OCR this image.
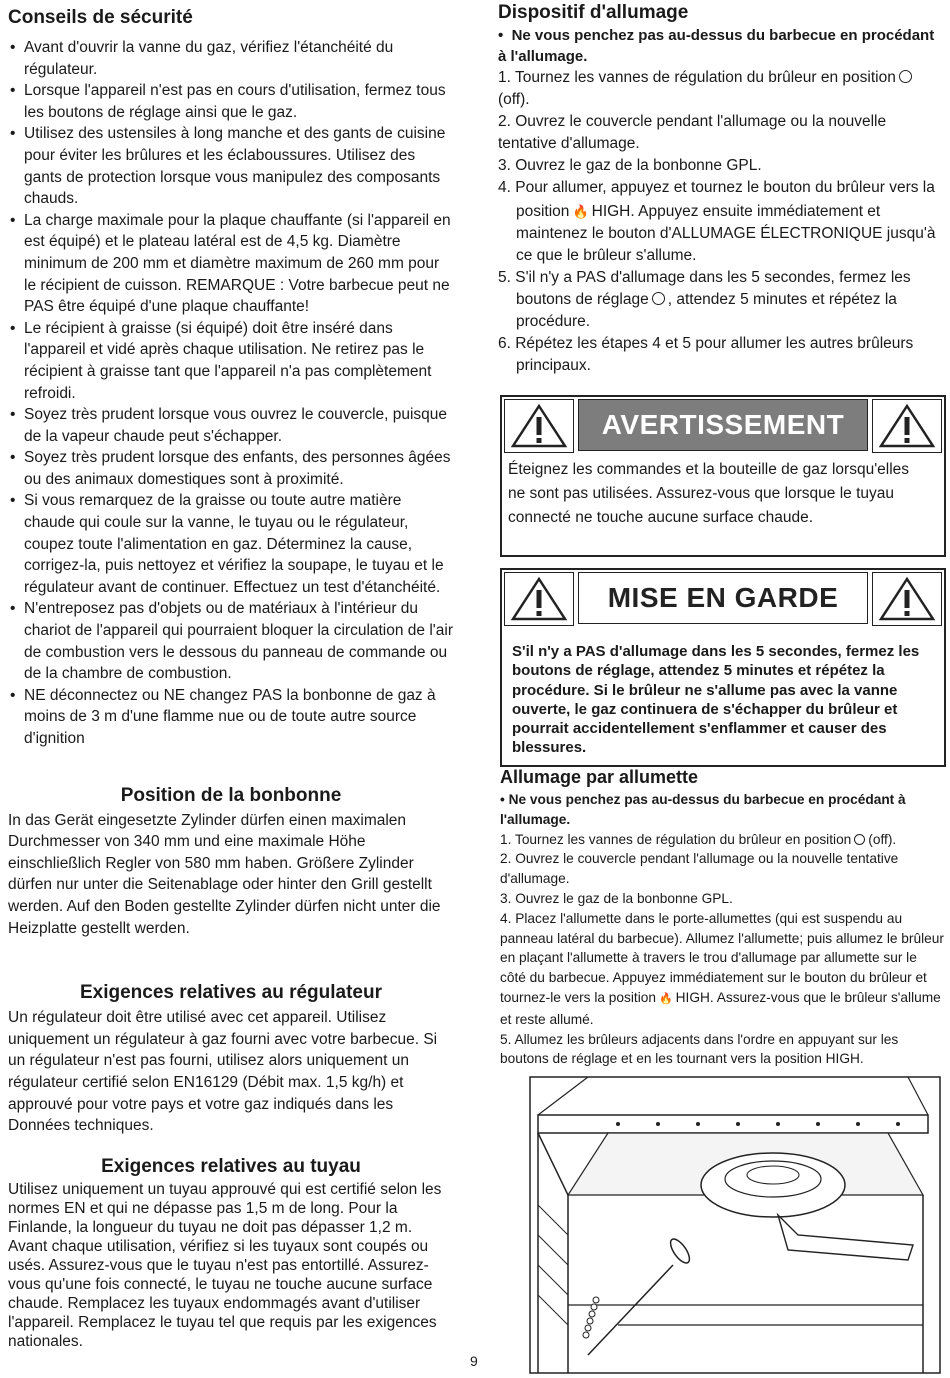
Conseils de sécurité
• Avant d'ouvrir la vanne du gaz, vérifiez l'étanchéité du régulateur.
• Lorsque l'appareil n'est pas en cours d'utilisation, fermez tous les boutons de réglage ainsi que le gaz.
• Utilisez des ustensiles à long manche et des gants de cuisine pour éviter les brûlures et les éclaboussures. Utilisez des gants de protection lorsque vous manipulez des composants chauds.
• La charge maximale pour la plaque chauffante (si l'appareil en est équipé) et le plateau latéral est de 4,5 kg. Diamètre minimum de 200 mm et diamètre maximum de 260 mm pour le récipient de cuisson. REMARQUE : Votre barbecue peut ne PAS être équipé d'une plaque chauffante!
• Le récipient à graisse (si équipé) doit être inséré dans l'appareil et vidé après chaque utilisation. Ne retirez pas le récipient à graisse tant que l'appareil n'a pas complètement refroidi.
• Soyez très prudent lorsque vous ouvrez le couvercle, puisque de la vapeur chaude peut s'échapper.
• Soyez très prudent lorsque des enfants, des personnes âgées ou des animaux domestiques sont à proximité.
• Si vous remarquez de la graisse ou toute autre matière chaude qui coule sur la vanne, le tuyau ou le régulateur, coupez toute l'alimentation en gaz. Déterminez la cause, corrigez-la, puis nettoyez et vérifiez la soupape, le tuyau et le régulateur avant de continuer. Effectuez un test d'étanchéité.
• N'entreposez pas d'objets ou de matériaux à l'intérieur du chariot de l'appareil qui pourraient bloquer la circulation de l'air de combustion vers le dessous du panneau de commande ou de la chambre de combustion.
• NE déconnectez ou NE changez PAS la bonbonne de gaz à moins de 3 m d'une flamme nue ou de toute autre source d'ignition
Position de la bonbonne

In das Gerät eingesetzte Zylinder dürfen einen maximalen Durchmesser von 340 mm und eine maximale Höhe einschließlich Regler von 580 mm haben. Größere Zylinder dürfen nur unter die Seitenablage oder hinter den Grill gestellt werden. Auf den Boden gestellte Zylinder dürfen nicht unter die Heizplatte gestellt werden.

Exigences relatives au régulateur

Un régulateur doit être utilisé avec cet appareil. Utilisez uniquement un régulateur à gaz fourni avec votre barbecue. Si un régulateur n'est pas fourni, utilisez alors uniquement un régulateur certifié selon EN16129 (Débit max. 1,5 kg/h) et approuvé pour votre pays et votre gaz indiqués dans les Données techniques.

Exigences relatives au tuyau

Utilisez uniquement un tuyau approuvé qui est certifié selon les normes EN et qui ne dépasse pas 1,5 m de long. Pour la Finlande, la longueur du tuyau ne doit pas dépasser 1,2 m. Avant chaque utilisation, vérifiez si les tuyaux sont coupés ou usés. Assurez-vous que le tuyau n'est pas entortillé. Assurez-vous qu'une fois connecté, le tuyau ne touche aucune surface chaude. Remplacez les tuyaux endommagés avant d'utiliser l'appareil. Remplacez le tuyau tel que requis par les exigences nationales.

Dispositif d'allumage

•  Ne vous penchez pas au-dessus du barbecue en procédant à l'allumage.

1. Tournez les vannes de régulation du brûleur en position(off).

2. Ouvrez le couvercle pendant l'allumage ou la nouvelle tentative d'allumage.

3. Ouvrez le gaz de la bonbonne GPL.

4. Pour allumer, appuyez et tournez le bouton du brûleur vers la

position 🔥 HIGH. Appuyez ensuite immédiatement et maintenez le bouton d'ALLUMAGE ÉLECTRONIQUE jusqu'à ce que le brûleur s'allume.

5. S'il n'y a PAS d'allumage dans les 5 secondes, fermez les boutons de réglage , attendez 5 minutes et répétez la procédure.

6. Répétez les étapes 4 et 5 pour allumer les autres brûleurs principaux.

AVERTISSEMENT

Éteignez les commandes et la bouteille de gaz lorsqu'elles ne sont pas utilisées. Assurez-vous que lorsque le tuyau connecté ne touche aucune surface chaude.

MISE EN GARDE

S'il n'y a PAS d'allumage dans les 5 secondes, fermez les boutons de réglage, attendez 5 minutes et répétez la procédure. Si le brûleur ne s'allume pas avec la vanne ouverte, le gaz continuera de s'échapper du brûleur et pourrait accidentellement s'enflammer et causer des blessures.

Allumage par allumette

• Ne vous penchez pas au-dessus du barbecue en procédant à l'allumage.

1. Tournez les vannes de régulation du brûleur en position (off).

2. Ouvrez le couvercle pendant l'allumage ou la nouvelle tentative d'allumage.

3. Ouvrez le gaz de la bonbonne GPL.

4. Placez l'allumette dans le porte-allumettes (qui est suspendu au panneau latéral du barbecue). Allumez l'allumette; puis allumez le brûleur en plaçant l'allumette à travers le trou d'allumage par allumette sur le côté du barbecue. Appuyez immédiatement sur le bouton du brûleur et tournez-le vers la position 🔥 HIGH. Assurez-vous que le brûleur s'allume et reste allumé.

5. Allumez les brûleurs adjacents dans l'ordre en appuyant sur les boutons de réglage et en les tournant vers la position HIGH.

9
